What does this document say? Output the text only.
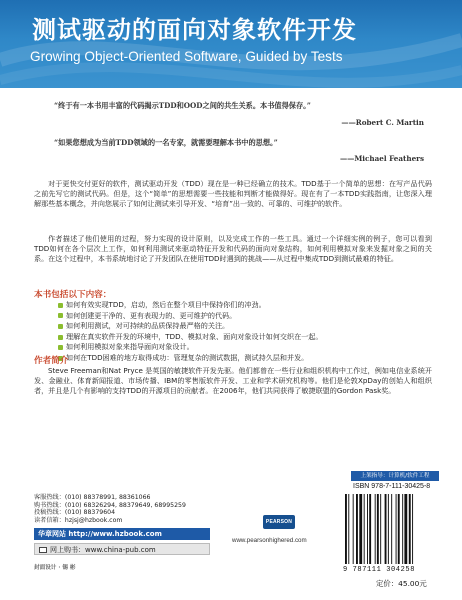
测试驱动的面向对象软件开发
Growing Object-Oriented Software, Guided by Tests
“终于有一本书用丰富的代码揭示TDD和OOD之间的共生关系。本书值得保存。”
——Robert C. Martin
“如果您想成为当前TDD领域的一名专家，就需要理解本书中的思想。”
——Michael Feathers

对于更快交付更好的软件，测试驱动开发（TDD）现在是一种已经确立的技术。TDD基于一个简单的思想：在写产品代码之前先写它的测试代码。但是，这个“简单”的思想需要一些技能和判断才能做得好。现在有了一本TDD实践指南，让您深入理解那些基本概念，并向您展示了如何让测试来引导开发、“培育”出一致的、可靠的、可维护的软件。

作者描述了他们使用的过程，努力实现的设计原则，以及完成工作的一些工具。通过一个详细实例的例子，您可以看到TDD如何在各个层次上工作，如何利用测试来驱动特征开发和代码的面向对象结构，如何利用模拟对象来发掘对象之间的关系。在这个过程中，本书系统地讨论了开发团队在使用TDD时遇到的挑战——从过程中集成TDD到测试最难的特征。

本书包括以下内容：
如何有效实现TDD，启动，然后在整个项目中保持你们的冲劲。
如何创建更干净的、更有表现力的、更可维护的代码。
如何利用测试，对可持续的品质保持最严格的关注。
理解在真实软件开发的环境中，TDD、模拟对象、面向对象设计如何交织在一起。
如何利用模拟对象来指导面向对象设计。
如何在TDD困难的地方取得成功：管理复杂的测试数据，测试持久层和并发。
作者简介

Steve Freeman和Nat Pryce 是英国的敏捷软件开发先驱。他们都曾在一些行业和组织机构中工作过，例如电信业系统开发、金融业、体育新闻报道、市场传播、IBM的零售版软件开发、工业和学术研究机构等。他们是伦敦XpDay的创始人和组织者，并且是几个有影响的支持TDD的开源项目的贡献者。在2006年，他们共同获得了敏捷联盟的Gordon Pask奖。

客服热线：(010) 88378991, 88361066
购书热线：(010) 68326294, 88379649, 68995259
投稿热线：(010) 88379604
读者信箱：hzjsj@hzbook.com
华章网站 http://www.hzbook.com
网上购书：www.china-pub.com
封面设计 · 锡 彬
PEARSON
www.pearsonhighered.com
上架指导：计算机/软件工程
ISBN 978-7-111-30425-8
9 787111 304258
定价：45.00元
